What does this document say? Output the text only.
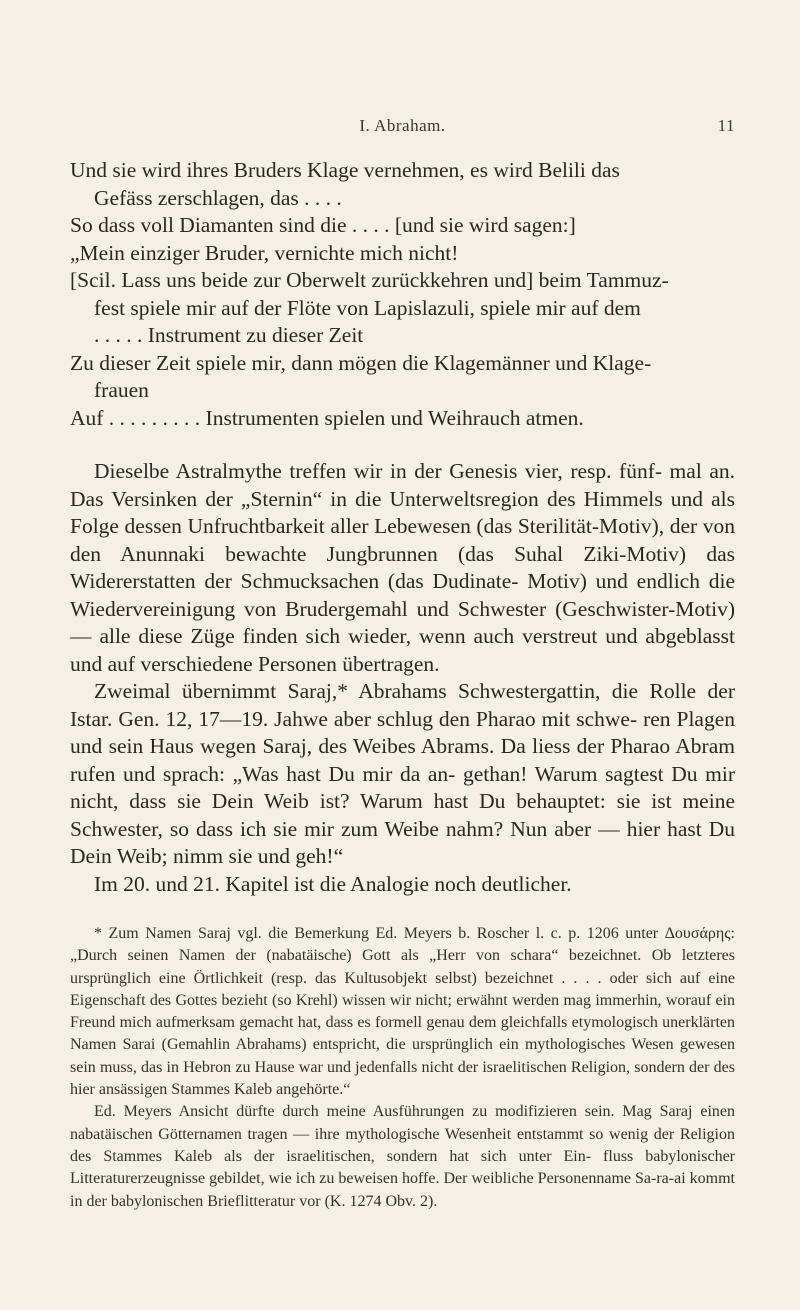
I. Abraham.	11

Und sie wird ihres Bruders Klage vernehmen, es wird Belili das

Gefäss zerschlagen, das . . . .

So dass voll Diamanten sind die . . . . [und sie wird sagen:]

„Mein einziger Bruder, vernichte mich nicht!

[Scil. Lass uns beide zur Oberwelt zurückkehren und] beim Tammuz-

fest spiele mir auf der Flöte von Lapislazuli, spiele mir auf dem

. . . . . Instrument zu dieser Zeit

Zu dieser Zeit spiele mir, dann mögen die Klagemänner und Klage-

frauen

Auf . . . . . . . . . Instrumenten spielen und Weihrauch atmen.

Dieselbe Astralmythe treffen wir in der Genesis vier, resp. fünf- mal an. Das Versinken der „Sternin“ in die Unterweltsregion des Himmels und als Folge dessen Unfruchtbarkeit aller Lebewesen (das Sterilität-Motiv), der von den Anunnaki bewachte Jungbrunnen (das Suhal Ziki-Motiv) das Widererstatten der Schmucksachen (das Dudinate- Motiv) und endlich die Wiedervereinigung von Brudergemahl und Schwester (Geschwister-Motiv) — alle diese Züge finden sich wieder, wenn auch verstreut und abgeblasst und auf verschiedene Personen übertragen.

Zweimal übernimmt Saraj,* Abrahams Schwestergattin, die Rolle der Istar. Gen. 12, 17—19. Jahwe aber schlug den Pharao mit schwe- ren Plagen und sein Haus wegen Saraj, des Weibes Abrams. Da liess der Pharao Abram rufen und sprach: „Was hast Du mir da an- gethan! Warum sagtest Du mir nicht, dass sie Dein Weib ist? Warum hast Du behauptet: sie ist meine Schwester, so dass ich sie mir zum Weibe nahm? Nun aber — hier hast Du Dein Weib; nimm sie und geh!“

Im 20. und 21. Kapitel ist die Analogie noch deutlicher.

* Zum Namen Saraj vgl. die Bemerkung Ed. Meyers b. Roscher l. c. p. 1206 unter Δουσάρης: „Durch seinen Namen der (nabatäische) Gott als „Herr von schara“ bezeichnet. Ob letzteres ursprünglich eine Örtlichkeit (resp. das Kultusobjekt selbst) bezeichnet . . . . oder sich auf eine Eigenschaft des Gottes bezieht (so Krehl) wissen wir nicht; erwähnt werden mag immerhin, worauf ein Freund mich aufmerksam gemacht hat, dass es formell genau dem gleichfalls etymologisch unerklärten Namen Sarai (Gemahlin Abrahams) entspricht, die ursprünglich ein mythologisches Wesen gewesen sein muss, das in Hebron zu Hause war und jedenfalls nicht der israelitischen Religion, sondern der des hier ansässigen Stammes Kaleb angehörte.“

Ed. Meyers Ansicht dürfte durch meine Ausführungen zu modifizieren sein. Mag Saraj einen nabatäischen Götternamen tragen — ihre mythologische Wesenheit entstammt so wenig der Religion des Stammes Kaleb als der israelitischen, sondern hat sich unter Ein- fluss babylonischer Litteraturerzeugnisse gebildet, wie ich zu beweisen hoffe. Der weibliche Personenname Sa-ra-ai kommt in der babylonischen Brieflitteratur vor (K. 1274 Obv. 2).
